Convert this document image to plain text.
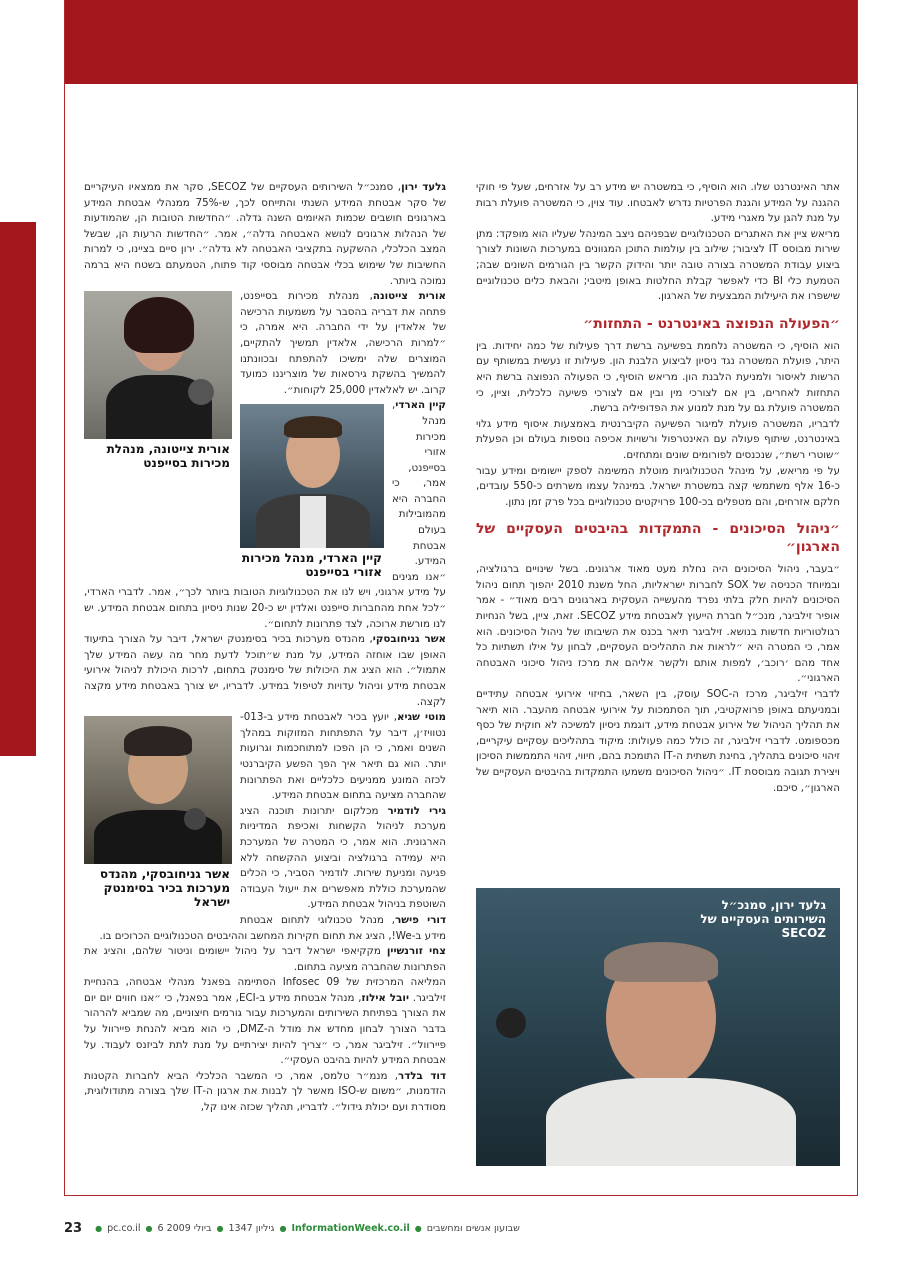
אתר האינטרנט שלו. הוא הוסיף, כי במשטרה יש מידע רב על אזרחים, שעל פי חוקי ההגנה על המידע והגנת הפרטיות נדרש לאבטחו. עוד צוין, כי המשטרה פועלת רבות על מנת להגן על מאגרי מידע.

מריאש ציין את האתגרים הטכנולוגיים שבפניהם ניצב המינהל שעליו הוא מופקד: מתן שירות מבוסס IT לציבור; שילוב בין עולמות התוכן המגוונים במערכות השונות לצורך ביצוע עבודת המשטרה בצורה טובה יותר והידוק הקשר בין הגורמים השונים שבה; הטמעת כלי BI כדי לאפשר קבלת החלטות באופן מיטבי; והבאת כלים טכנולוגיים שישפרו את היעילות המבצעית של הארגון.

״הפעולה הנפוצה באינטרנט - התחזות״

הוא הוסיף, כי המשטרה נלחמת בפשיעה ברשת דרך פעילות של כמה יחידות. בין היתר, פועלת המשטרה נגד ניסיון לביצוע הלבנת הון. פעילות זו נעשית במשותף עם הרשות לאיסור ולמניעת הלבנת הון. מריאש הוסיף, כי הפעולה הנפוצה ברשת היא התחזות לאחרים, בין אם לצורכי מין ובין אם לצורכי פשיעה כלכלית, וציין, כי המשטרה פועלת גם על מנת למנוע את הפדופיליה ברשת.

לדבריו, המשטרה פועלת למיגור הפשיעה הקיברנטית באמצעות איסוף מידע גלוי באינטרנט, שיתוף פעולה עם האינטרפול ורשויות אכיפה נוספות בעולם וכן הפעלת ״שוטרי רשת״, שנכנסים לפורומים שונים ומתחזים.

על פי מריאש, על מינהל הטכנולוגיות מוטלת המשימה לספק יישומים ומידע עבור כ-16 אלף משתמשי קצה במשטרת ישראל. במינהל עצמו משרתים כ-550 עובדים, חלקם אזרחים, והם מטפלים בכ-100 פרויקטים טכנולוגיים בכל פרק זמן נתון.

״ניהול הסיכונים - התמקדות בהיבטים העסקיים של הארגון״

״בעבר, ניהול הסיכונים היה נחלת מעט מאוד ארגונים. בשל שינויים ברגולציה, ובמיוחד הכניסה של SOX לחברות ישראליות, החל משנת 2010 יהפוך תחום ניהול הסיכונים להיות חלק בלתי נפרד מהעשייה העסקית בארגונים רבים מאוד״ - אמר אופיר זילביגר, מנכ״ל חברת הייעוץ לאבטחת מידע SECOZ. זאת, ציין, בשל הנחיות רגולטוריות חדשות בנושא. זילביגר תיאר בכנס את השיבותו של ניהול הסיכונים. הוא אמר, כי המטרה היא ״לראות את התהליכים העסקיים, לבחון על אילו תשתיות כל אחד מהם ׳רוכב׳, למפות אותם ולקשר אליהם את מרכז ניהול סיכוני האבטחה הארגוני״.

לדברי זילביגר, מרכז ה-SOC עוסק, בין השאר, בחיזוי אירועי אבטחה עתידיים ובמניעתם באופן פרואקטיבי, תוך הסתמכות על אירועי אבטחה מהעבר. הוא תיאר את תהליך הניהול של אירוע אבטחת מידע, דוגמת ניסיון למשיכה לא חוקית של כסף מכספומט. לדברי זילביגר, זה כולל כמה פעולות: מיקוד בתהליכים עסקיים עיקריים, זיהוי סיכונים בתהליך, בחינת תשתית ה-IT התומכת בהם, חיווי, זיהוי התממשות הסיכון ויצירת תגובה מבוססת IT. ״ניהול הסיכונים משמעו התמקדות בהיבטים העסקיים של הארגון״, סיכם.

גלעד ירון, סמנכ״ל השירותים העסקיים של SECOZ, סקר את ממצאיו העיקריים של סקר אבטחת המידע השנתי והתייחס לכך, ש-75% ממנהלי אבטחת המידע בארגונים חושבים שכמות האיומים השנה גדלה. ״החדשות הטובות הן, שהמודעות של הנהלות ארגונים לנושא האבטחה גדלה״, אמר. ״החדשות הרעות הן, שבשל המצב הכלכלי, ההשקעה בתקציבי האבטחה לא גדלה״. ירון סיים בציינו, כי למרות החשיבות של שימוש בכלי אבטחה מבוססי קוד פתוח, הטמעתם בשטח היא ברמה נמוכה ביותר.

אורית צייטונה, מנהלת מכירות בסייפנט

אורית צייטונה, מנהלת מכירות בסייפנט, פתחה את דבריה בהסבר על משמעות הרכישה של אלאדין על ידי החברה. היא אמרה, כי ״למרות הרכישה, אלאדין תמשיך להתקיים, המוצרים שלה ימשיכו להתפתח ובכוונתנו להמשיך בהשקת גירסאות של מוצריננו כמועד קרוב. יש לאלאדין 25,000 לקוחות״.

קיין הארדי, מנהל מכירות אזורי בסייפנט

קיין הארדי, מנהל מכירות אזורי בסייפנט, אמר, כי החברה היא מהמובילות בעולם אבטחת המידע. ״אנו מגינים על מידע ארגוני, ויש לנו את הטכנולוגיות הטובות ביותר לכך״, אמר. לדברי הארדי, ״לכל אחת מהחברות סייפנט ואלדין יש כ-20 שנות ניסיון בתחום אבטחת המידע. יש לנו מורשת ארוכה, לצד פתרונות לתחום״.

אשר גניחובסקי, מהנדס מערכות בכיר בסימנטק ישראל, דיבר על הצורך בתיעוד האופן שבו אוחזה המידע, על מנת ש״תוכל לדעת מחר מה עשה המידע שלך אתמול״. הוא הציג את היכולות של סימנטק בתחום, לרכות היכולת לניהול אירועי אבטחת מידע וניהול עדויות לטיפול במידע. לדבריו, יש צורך באבטחת מידע מקצה לקצה.

אשר גניחובסקי, מהנדס מערכות בכיר בסימנטק ישראל

מוטי שגיא, יועץ בכיר לאבטחת מידע ב-013-נטוויז׳ן, דיבר על התפתחות המזוקות במהלך השנים ואמר, כי הן הפכו למתוחכמות וגרועות יותר. הוא גם תיאר איך הפך הפשע הקיברנטי לכזה המונע ממניעים כלכליים ואת הפתרונות שהחברה מציעה בתחום אבטחת המידע.

גירי לודמיר מכלקום יתרונות תוכנה הציג מערכת לניהול הקשחות ואכיפת המדיניות הארגונית. הוא אמר, כי המטרה של המערכת היא עמידה ברגולציה וביצוע ההקשחה ללא פגיעה ומניעת שירות. לודמיר הסביר, כי הכלים שהמערכת כוללת מאפשרים את ייעול העבודה השוטפת בניהול אבטחת המידע.

דורי פישר, מנהל טכנולוגי לתחום אבטחת מידע ב-We!, הציג את תחום חקירות המחשב וההיבטים הטכנולוגיים הכרוכים בו.

צחי זורנשיין מקקיאפי ישראל דיבר על ניהול יישומים וניטור שלהם, והציג את הפתרונות שהחברה מציעה בתחום.

המליאה המרכזית של Infosec 09 הסתיימה בפאנל מנהלי אבטחה, בהנחיית זילביגר. יובל אילוז, מנהל אבטחת מידע ב-ECI, אמר בפאנל, כי ״אנו חווים יום יום את הצורך בפתיחת השירותים והמערכות עבור גורמים חיצוניים, מה שמביא להרהור בדבר הצורך לבחון מחדש את מודל ה-DMZ, כי הוא מביא להנחת פיירוול על פיירוול״. זילביגר אמר, כי ״צריך להיות יצירתיים על מנת לתת לביזנס לעבוד. על אבטחת המידע להיות בהיבט העסקי״.

דוד בלדר, מנמ״ר טלמס, אמר, כי המשבר הכלכלי הביא לחברות הקטנות הזדמנות, ״משום ש-ISO מאשר לך לבנות את ארגון ה-IT שלך בצורה מתודולוגית, מסודרת ועם יכולת גידול״. לדבריו, תהליך שכזה אינו קל,

גלעד ירון, סמנכ״ל השירותים העסקיים של SECOZ
23 ● pc.co.il ● 6 ביולי 2009 ● גיליון 1347 ● InformationWeek.co.il ● שבועון אנשים ומחשבים
